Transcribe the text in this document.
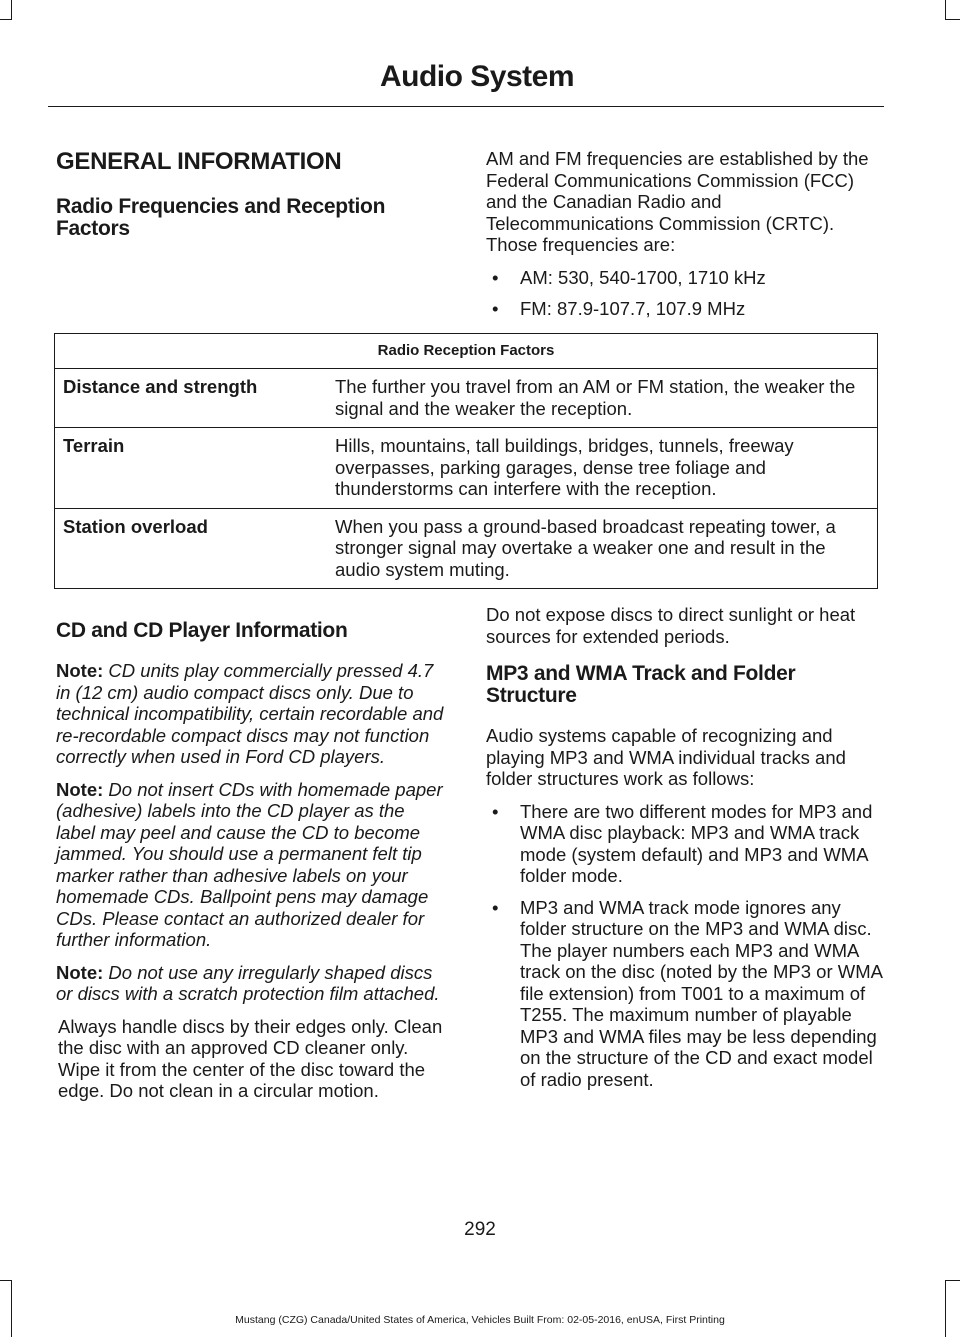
Audio System
GENERAL INFORMATION
Radio Frequencies and Reception Factors

AM and FM frequencies are established by the Federal Communications Commission (FCC) and the Canadian Radio and Telecommunications Commission (CRTC). Those frequencies are:

•	AM: 530, 540-1700, 1710 kHz
•	FM: 87.9-107.7, 107.9 MHz
Radio Reception Factors	
Distance and strength	The further you travel from an AM or FM station, the weaker the signal and the weaker the reception.
Terrain	Hills, mountains, tall buildings, bridges, tunnels, freeway overpasses, parking garages, dense tree foliage and thunderstorms can interfere with the reception.
Station overload	When you pass a ground-based broadcast repeating tower, a stronger signal may overtake a weaker one and result in the audio system muting.
CD and CD Player Information

Note: CD units play commercially pressed 4.7 in (12 cm) audio compact discs only. Due to technical incompatibility, certain recordable and re-recordable compact discs may not function correctly when used in Ford CD players.

Note: Do not insert CDs with homemade paper (adhesive) labels into the CD player as the label may peel and cause the CD to become jammed. You should use a permanent felt tip marker rather than adhesive labels on your homemade CDs. Ballpoint pens may damage CDs. Please contact an authorized dealer for further information.

Note: Do not use any irregularly shaped discs or discs with a scratch protection film attached.

Always handle discs by their edges only. Clean the disc with an approved CD cleaner only. Wipe it from the center of the disc toward the edge. Do not clean in a circular motion.

Do not expose discs to direct sunlight or heat sources for extended periods.

MP3 and WMA Track and Folder Structure

Audio systems capable of recognizing and playing MP3 and WMA individual tracks and folder structures work as follows:

•	There are two different modes for MP3 and WMA disc playback: MP3 and WMA track mode (system default) and MP3 and WMA folder mode.
•	MP3 and WMA track mode ignores any folder structure on the MP3 and WMA disc. The player numbers each MP3 and WMA track on the disc (noted by the MP3 or WMA file extension) from T001 to a maximum of T255. The maximum number of playable MP3 and WMA files may be less depending on the structure of the CD and exact model of radio present.
292
Mustang (CZG) Canada/United States of America, Vehicles Built From: 02-05-2016, enUSA, First Printing
